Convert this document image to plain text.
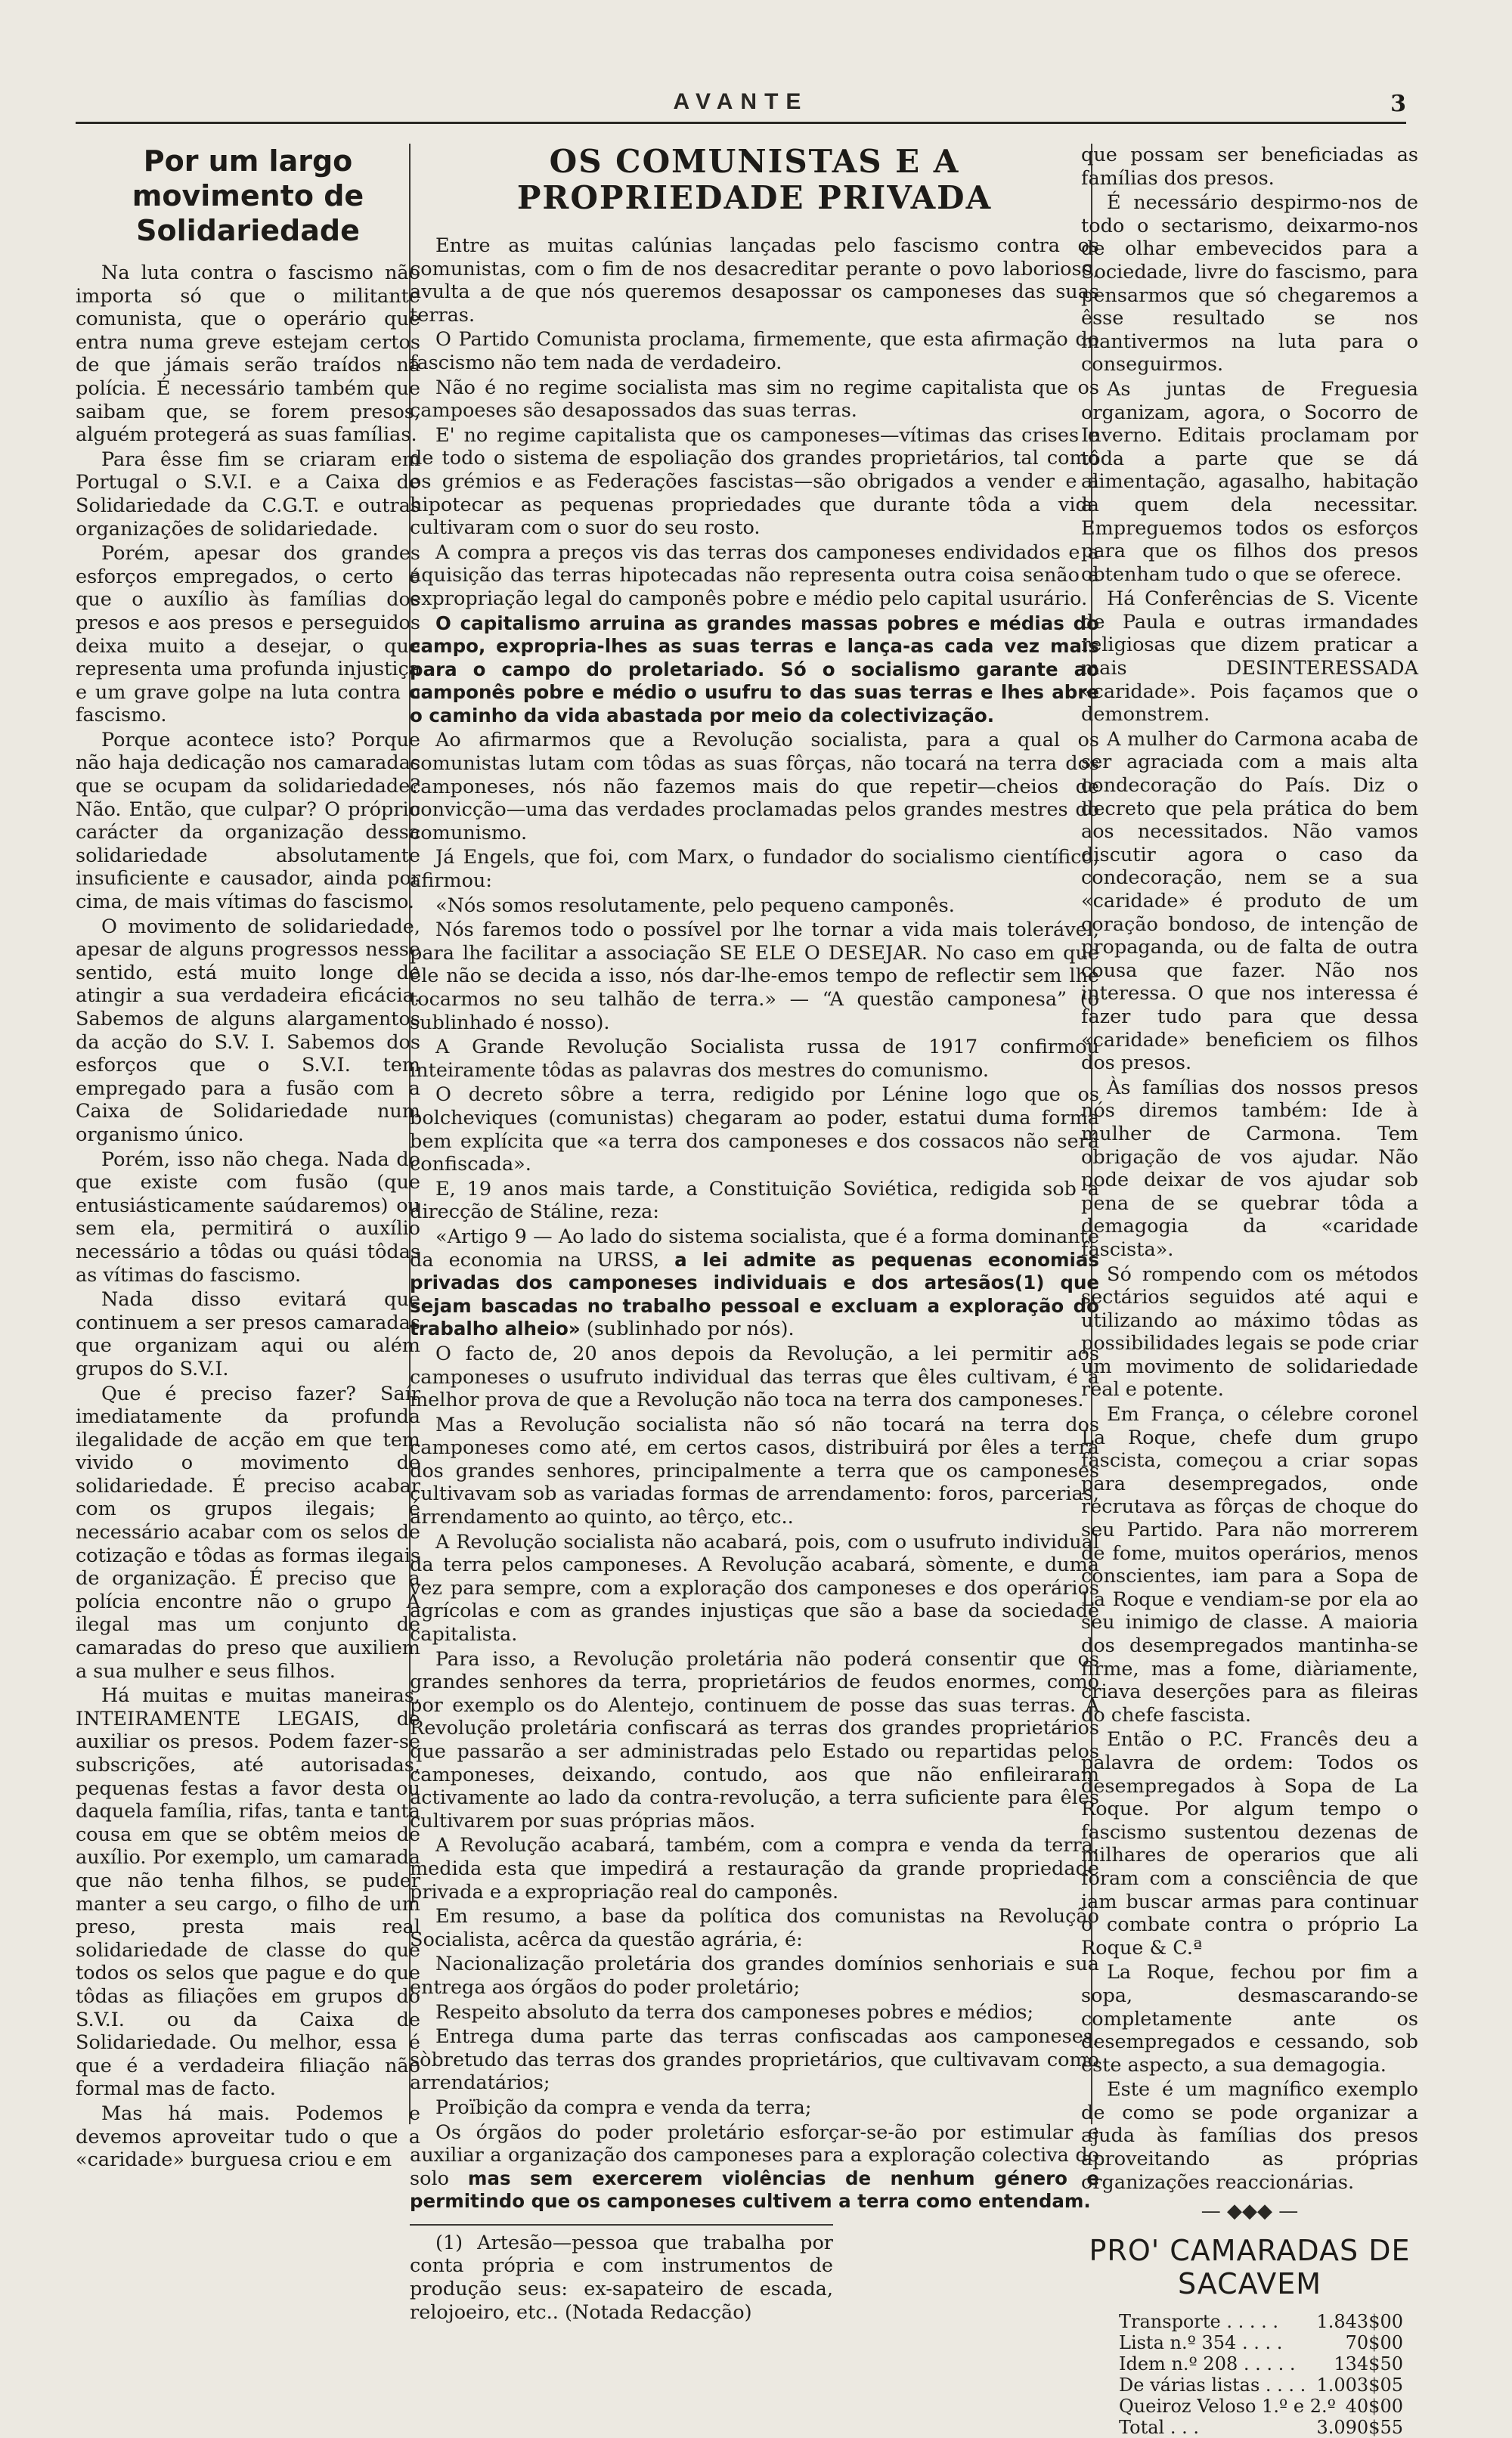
AVANTE	3
Por um largo movimento de Solidariedade

Na luta contra o fascismo não importa só que o militante comunista, que o operário que entra numa greve estejam certos de que jámais serão traídos na polícia. É necessário também que saibam que, se forem presos, alguém protegerá as suas famílias.

Para êsse fim se criaram em Portugal o S.V.I. e a Caixa de Solidariedade da C.G.T. e outras organizações de solidariedade.

Porém, apesar dos grandes esforços empregados, o certo é que o auxílio às famílias dos presos e aos presos e perseguidos deixa muito a desejar, o que representa uma profunda injustiça e um grave golpe na luta contra o fascismo.

Porque acontece isto? Porque não haja dedicação nos camaradas que se ocupam da solidariedade? Não. Então, que culpar? O próprio carácter da organização dessa solidariedade absolutamente insuficiente e causador, ainda por cima, de mais vítimas do fascismo.

O movimento de solidariedade, apesar de alguns progressos nesse sentido, está muito longe de atingir a sua verdadeira eficácia. Sabemos de alguns alargamentos da acção do S.V. I. Sabemos dos esforços que o S.V.I. tem empregado para a fusão com a Caixa de Solidariedade num organismo único.

Porém, isso não chega. Nada do que existe com fusão (que entusiásticamente saúdaremos) ou sem ela, permitirá o auxílio necessário a tôdas ou quási tôdas as vítimas do fascismo.

Nada disso evitará que continuem a ser presos camaradas que organizam aqui ou além grupos do S.V.I.

Que é preciso fazer? Saír imediatamente da profunda ilegalidade de acção em que tem vivido o movimento de solidariedade. É preciso acabar com os grupos ilegais; é necessário acabar com os selos de cotização e tôdas as formas ilegais de organização. É preciso que a polícia encontre não o grupo A ilegal mas um conjunto de camaradas do preso que auxiliem a sua mulher e seus filhos.

Há muitas e muitas maneiras, INTEIRAMENTE LEGAIS, de auxiliar os presos. Podem fazer-se subscrições, até autorisadas, pequenas festas a favor desta ou daquela família, rifas, tanta e tanta cousa em que se obtêm meios de auxílio. Por exemplo, um camarada que não tenha filhos, se puder manter a seu cargo, o filho de um preso, presta mais real solidariedade de classe do que todos os selos que pague e do que tôdas as filiações em grupos do S.V.I. ou da Caixa de Solidariedade. Ou melhor, essa é que é a verdadeira filiação não formal mas de facto.

Mas há mais. Podemos e devemos aproveitar tudo o que a «caridade» burguesa criou e em

OS COMUNISTAS E A PROPRIEDADE PRIVADA

Entre as muitas calúnias lançadas pelo fascismo contra os comunistas, com o fim de nos desacreditar perante o povo laborioso, avulta a de que nós queremos desapossar os camponeses das suas terras.

O Partido Comunista proclama, firmemente, que esta afirmação do fascismo não tem nada de verdadeiro.

Não é no regime socialista mas sim no regime capitalista que os campoeses são desapossados das suas terras.

E' no regime capitalista que os camponeses—vítimas das crises e de todo o sistema de espoliação dos grandes proprietários, tal como os grémios e as Federações fascistas—são obrigados a vender e a hipotecar as pequenas propriedades que durante tôda a vida cultivaram com o suor do seu rosto.

A compra a preços vis das terras dos camponeses endividados e a aquisição das terras hipotecadas não representa outra coisa senão a expropriação legal do camponês pobre e médio pelo capital usurário.

O capitalismo arruina as grandes massas pobres e médias do campo, expropria-lhes as suas terras e lança-as cada vez mais para o campo do proletariado. Só o socialismo garante ao camponês pobre e médio o usufru to das suas terras e lhes abre o caminho da vida abastada por meio da colectivização.

Ao afirmarmos que a Revolução socialista, para a qual os comunistas lutam com tôdas as suas fôrças, não tocará na terra dos camponeses, nós não fazemos mais do que repetir—cheios de convicção—uma das verdades proclamadas pelos grandes mestres do comunismo.

Já Engels, que foi, com Marx, o fundador do socialismo científico, afirmou:

«Nós somos resolutamente, pelo pequeno camponês.

Nós faremos todo o possível por lhe tornar a vida mais tolerável, para lhe facilitar a associação SE ELE O DESEJAR. No caso em que êle não se decida a isso, nós dar-lhe-emos tempo de reflectir sem lhe tocarmos no seu talhão de terra.» — “A questão camponesa” (o sublinhado é nosso).

A Grande Revolução Socialista russa de 1917 confirmou inteiramente tôdas as palavras dos mestres do comunismo.

O decreto sôbre a terra, redigido por Lénine logo que os bolcheviques (comunistas) chegaram ao poder, estatui duma forma bem explícita que «a terra dos camponeses e dos cossacos não será confiscada».

E, 19 anos mais tarde, a Constituição Soviética, redigida sob a direcção de Stáline, reza:

«Artigo 9 — Ao lado do sistema socialista, que é a forma dominante da economia na URSS, a lei admite as pequenas economias privadas dos camponeses individuais e dos artesãos(1) que sejam bascadas no trabalho pessoal e excluam a exploração do trabalho alheio» (sublinhado por nós).

O facto de, 20 anos depois da Revolução, a lei permitir aos camponeses o usufruto individual das terras que êles cultivam, é a melhor prova de que a Revolução não toca na terra dos camponeses.

Mas a Revolução socialista não só não tocará na terra dos camponeses como até, em certos casos, distribuirá por êles a terra dos grandes senhores, principalmente a terra que os camponeses cultivavam sob as variadas formas de arrendamento: foros, parcerias, arrendamento ao quinto, ao têrço, etc..

A Revolução socialista não acabará, pois, com o usufruto individual da terra pelos camponeses. A Revolução acabará, sòmente, e duma vez para sempre, com a exploração dos camponeses e dos operários agrícolas e com as grandes injustiças que são a base da sociedade capitalista.

Para isso, a Revolução proletária não poderá consentir que os grandes senhores da terra, proprietários de feudos enormes, como por exemplo os do Alentejo, continuem de posse das suas terras. A Revolução proletária confiscará as terras dos grandes proprietários que passarão a ser administradas pelo Estado ou repartidas pelos camponeses, deixando, contudo, aos que não enfileiraram activamente ao lado da contra-revolução, a terra suficiente para êles cultivarem por suas próprias mãos.

A Revolução acabará, também, com a compra e venda da terra, medida esta que impedirá a restauração da grande propriedade privada e a expropriação real do camponês.

Em resumo, a base da política dos comunistas na Revolução Socialista, acêrca da questão agrária, é:

Nacionalização proletária dos grandes domínios senhoriais e sua entrega aos órgãos do poder proletário;

Respeito absoluto da terra dos camponeses pobres e médios;

Entrega duma parte das terras confiscadas aos camponeses, sòbretudo das terras dos grandes proprietários, que cultivavam como arrendatários;

Proïbição da compra e venda da terra;

Os órgãos do poder proletário esforçar-se-ão por estimular e auxiliar a organização dos camponeses para a exploração colectiva do solo mas sem exercerem violências de nenhum género e permitindo que os camponeses cultivem a terra como entendam.

(1) Artesão—pessoa que trabalha por conta própria e com instrumentos de produção seus: ex-sapateiro de escada, relojoeiro, etc.. (Notada Redacção)

que possam ser beneficiadas as famílias dos presos.

É necessário despirmo-nos de todo o sectarismo, deixarmo-nos de olhar embevecidos para a Sociedade, livre do fascismo, para pensarmos que só chegaremos a êsse resultado se nos mantivermos na luta para o conseguirmos.

As juntas de Freguesia organizam, agora, o Socorro de Inverno. Editais proclamam por tôda a parte que se dá alimentação, agasalho, habitação a quem dela necessitar. Empreguemos todos os esforços para que os filhos dos presos obtenham tudo o que se oferece.

Há Conferências de S. Vicente de Paula e outras irmandades religiosas que dizem praticar a mais DESINTERESSADA «caridade». Pois façamos que o demonstrem.

A mulher do Carmona acaba de ser agraciada com a mais alta condecoração do País. Diz o decreto que pela prática do bem aos necessitados. Não vamos discutir agora o caso da condecoração, nem se a sua «caridade» é produto de um coração bondoso, de intenção de propaganda, ou de falta de outra cousa que fazer. Não nos interessa. O que nos interessa é fazer tudo para que dessa «caridade» beneficiem os filhos dos presos.

Às famílias dos nossos presos nós diremos também: Ide à mulher de Carmona. Tem obrigação de vos ajudar. Não pode deixar de vos ajudar sob pena de se quebrar tôda a demagogia da «caridade fascista».

Só rompendo com os métodos sectários seguidos até aqui e utilizando ao máximo tôdas as possibilidades legais se pode criar um movimento de solidariedade real e potente.

Em França, o célebre coronel La Roque, chefe dum grupo fascista, começou a criar sopas para desempregados, onde recrutava as fôrças de choque do seu Partido. Para não morrerem de fome, muitos operários, menos conscientes, iam para a Sopa de La Roque e vendiam-se por ela ao seu inimigo de classe. A maioria dos desempregados mantinha-se firme, mas a fome, diàriamente, criava deserções para as fileiras do chefe fascista.

Então o P.C. Francês deu a palavra de ordem: Todos os desempregados à Sopa de La Roque. Por algum tempo o fascismo sustentou dezenas de milhares de operarios que ali foram com a consciência de que iam buscar armas para continuar o combate contra o próprio La Roque & C.ª

La Roque, fechou por fim a sopa, desmascarando-se completamente ante os desempregados e cessando, sob êste aspecto, a sua demagogia.

Este é um magnífico exemplo de como se pode organizar a ajuda às famílias dos presos aproveitando as próprias organizações reaccionárias.

— ◆◆◆ —
PRO' CAMARADAS DE SACAVEM
Transporte . . . . . 1.843$00
Lista n.º 354 . . . .	70$00
Idem n.º 208 . . . . . 134$50
De várias listas . . . . 1.003$05
Queiroz Veloso 1.º e 2.º 40$00
Total . . .	3.090$55
